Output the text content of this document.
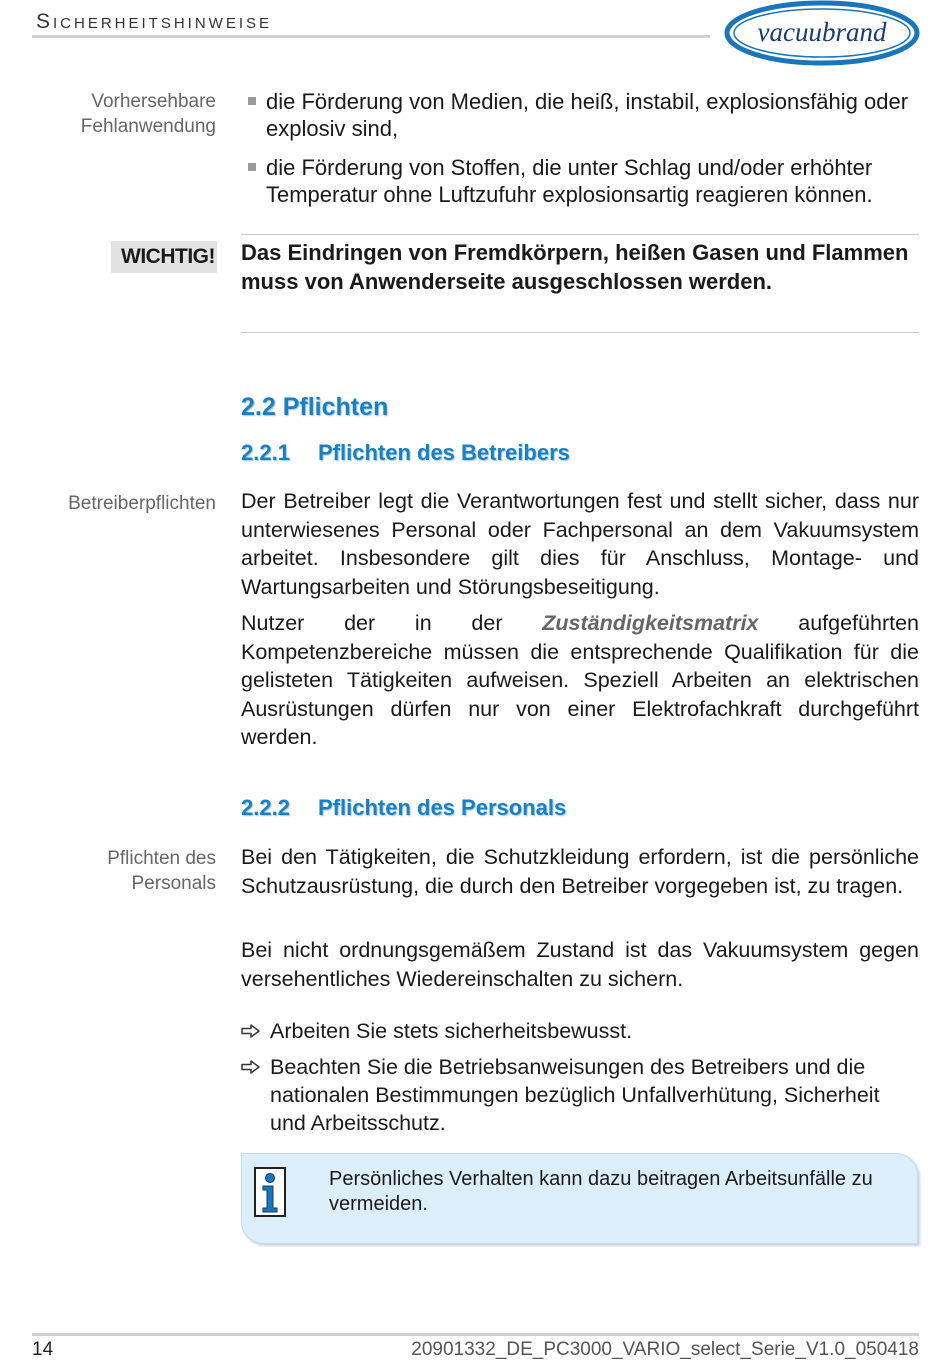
Sicherheitshinweise	vacuubrand
Vorhersehbare Fehlanwendung
die Förderung von Medien, die heiß, instabil, explosionsfähig oder explosiv sind,
die Förderung von Stoffen, die unter Schlag und/oder erhöhter Temperatur ohne Luftzufuhr explosionsartig reagieren können.
WICHTIG! Das Eindringen von Fremdkörpern, heißen Gasen und Flammen muss von Anwenderseite ausgeschlossen werden.
2.2 Pflichten
2.2.1 Pflichten des Betreibers
Betreiberpflichten Der Betreiber legt die Verantwortungen fest und stellt sicher, dass nur unterwiesenes Personal oder Fachpersonal an dem Vakuumsystem arbeitet. Insbesondere gilt dies für Anschluss, Montage- und Wartungsarbeiten und Störungsbeseitigung.
Nutzer der in der Zuständigkeitsmatrix aufgeführten Kompetenzbereiche müssen die entsprechende Qualifikation für die gelisteten Tätigkeiten aufweisen. Speziell Arbeiten an elektrischen Ausrüstungen dürfen nur von einer Elektrofachkraft durchgeführt werden.
2.2.2 Pflichten des Personals
Pflichten des Personals
Bei den Tätigkeiten, die Schutzkleidung erfordern, ist die persönliche Schutzausrüstung, die durch den Betreiber vorgegeben ist, zu tragen.
Bei nicht ordnungsgemäßem Zustand ist das Vakuumsystem gegen versehentliches Wiedereinschalten zu sichern.
Arbeiten Sie stets sicherheitsbewusst.
Beachten Sie die Betriebsanweisungen des Betreibers und die nationalen Bestimmungen bezüglich Unfallverhütung, Sicherheit und Arbeitsschutz.
Persönliches Verhalten kann dazu beitragen Arbeitsunfälle zu vermeiden.
14	20901332_DE_PC3000_VARIO_select_Serie_V1.0_050418
